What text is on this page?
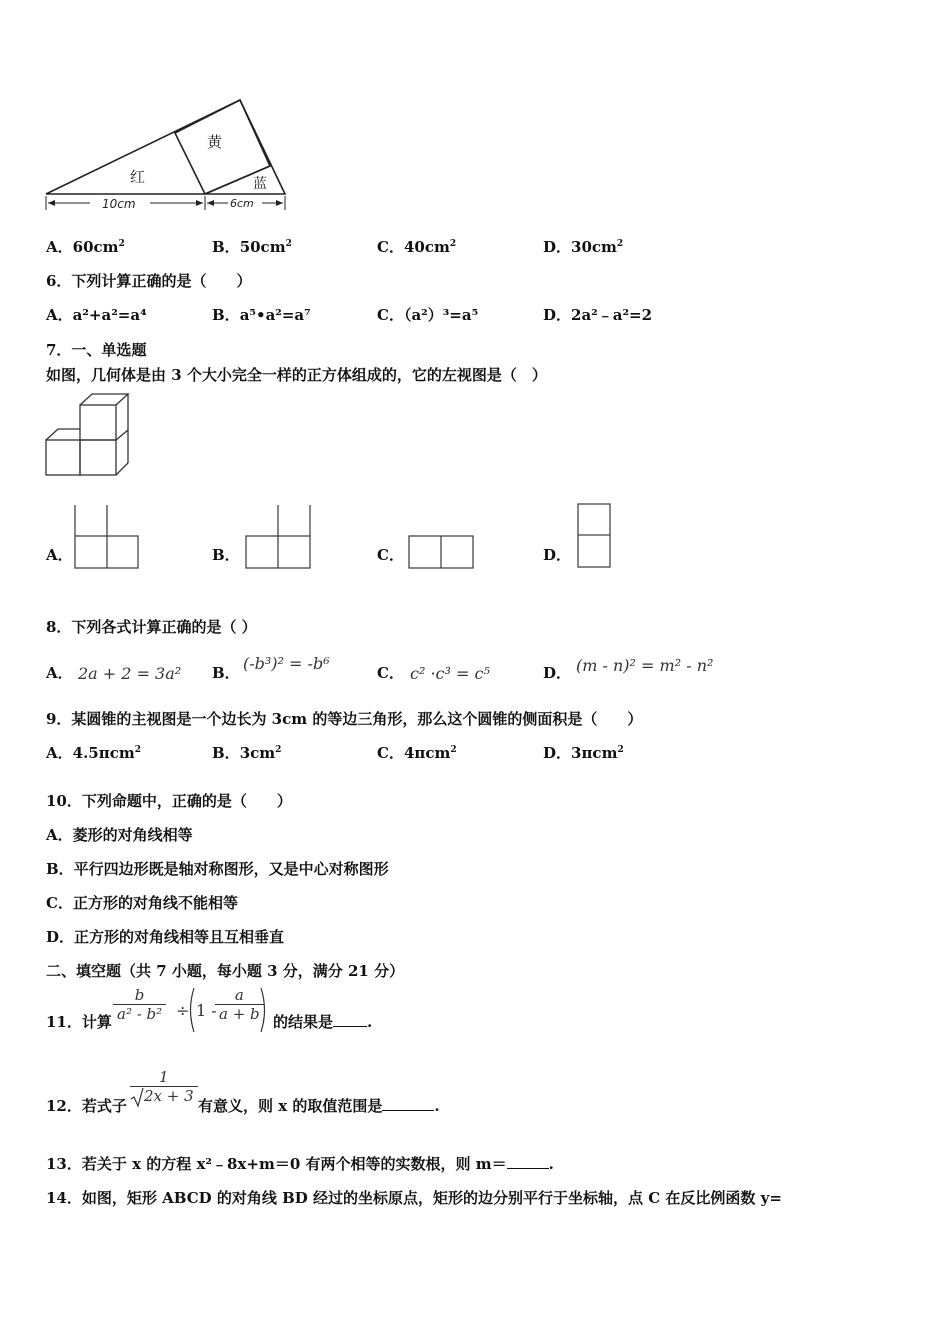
黄
红	蓝
10cm	6cm
A．$60cm^2$	B．$50cm^2$	C．$40cm^2$	D．$30cm^2$
6．下列计算正确的是（　　）
A．a²+a²=a⁴	B．a⁵•a²=a⁷	C．（a²）³=a⁵	D．2a²﹣a²=2
7．一、单选题
如图，几何体是由 3 个大小完全一样的正方体组成的，它的左视图是（　）
A．	B．	C．	D．
8．下列各式计算正确的是（ ）
A． 2a + 2 = 3a² B． (-b³)² = -b⁶	C． c² ·c³ = c⁵	D． (m - n)² = m² - n²
9．某圆锥的主视图是一个边长为 3cm 的等边三角形，那么这个圆锥的侧面积是（　　）
A．4.5πcm$^2$	B．$3cm^2$	C．4πcm$^2$	D．3πcm$^2$
10．下列命题中，正确的是（　　）
A．菱形的对角线相等
B．平行四边形既是轴对称图形，又是中心对称图形
C．正方形的对角线不能相等
D．正方形的对角线相等且互相垂直
二、填空题（共 7 小题，每小题 3 分，满分 21 分）
11．计算 $\frac{b}{\text{a² - b²}} \div 1$ -
$\frac{a}{a + b}$ 的结果是 .
12．若式子
$\frac{1}{2x + 3}$
有意义，则 x 的取值范围是	.
13．若关于 x 的方程 x²﹣8x+m＝0 有两个相等的实数根，则 m＝	.
14．如图，矩形 ABCD 的对角线 BD 经过的坐标原点，矩形的边分别平行于坐标轴，点 C 在反比例函数 y=
